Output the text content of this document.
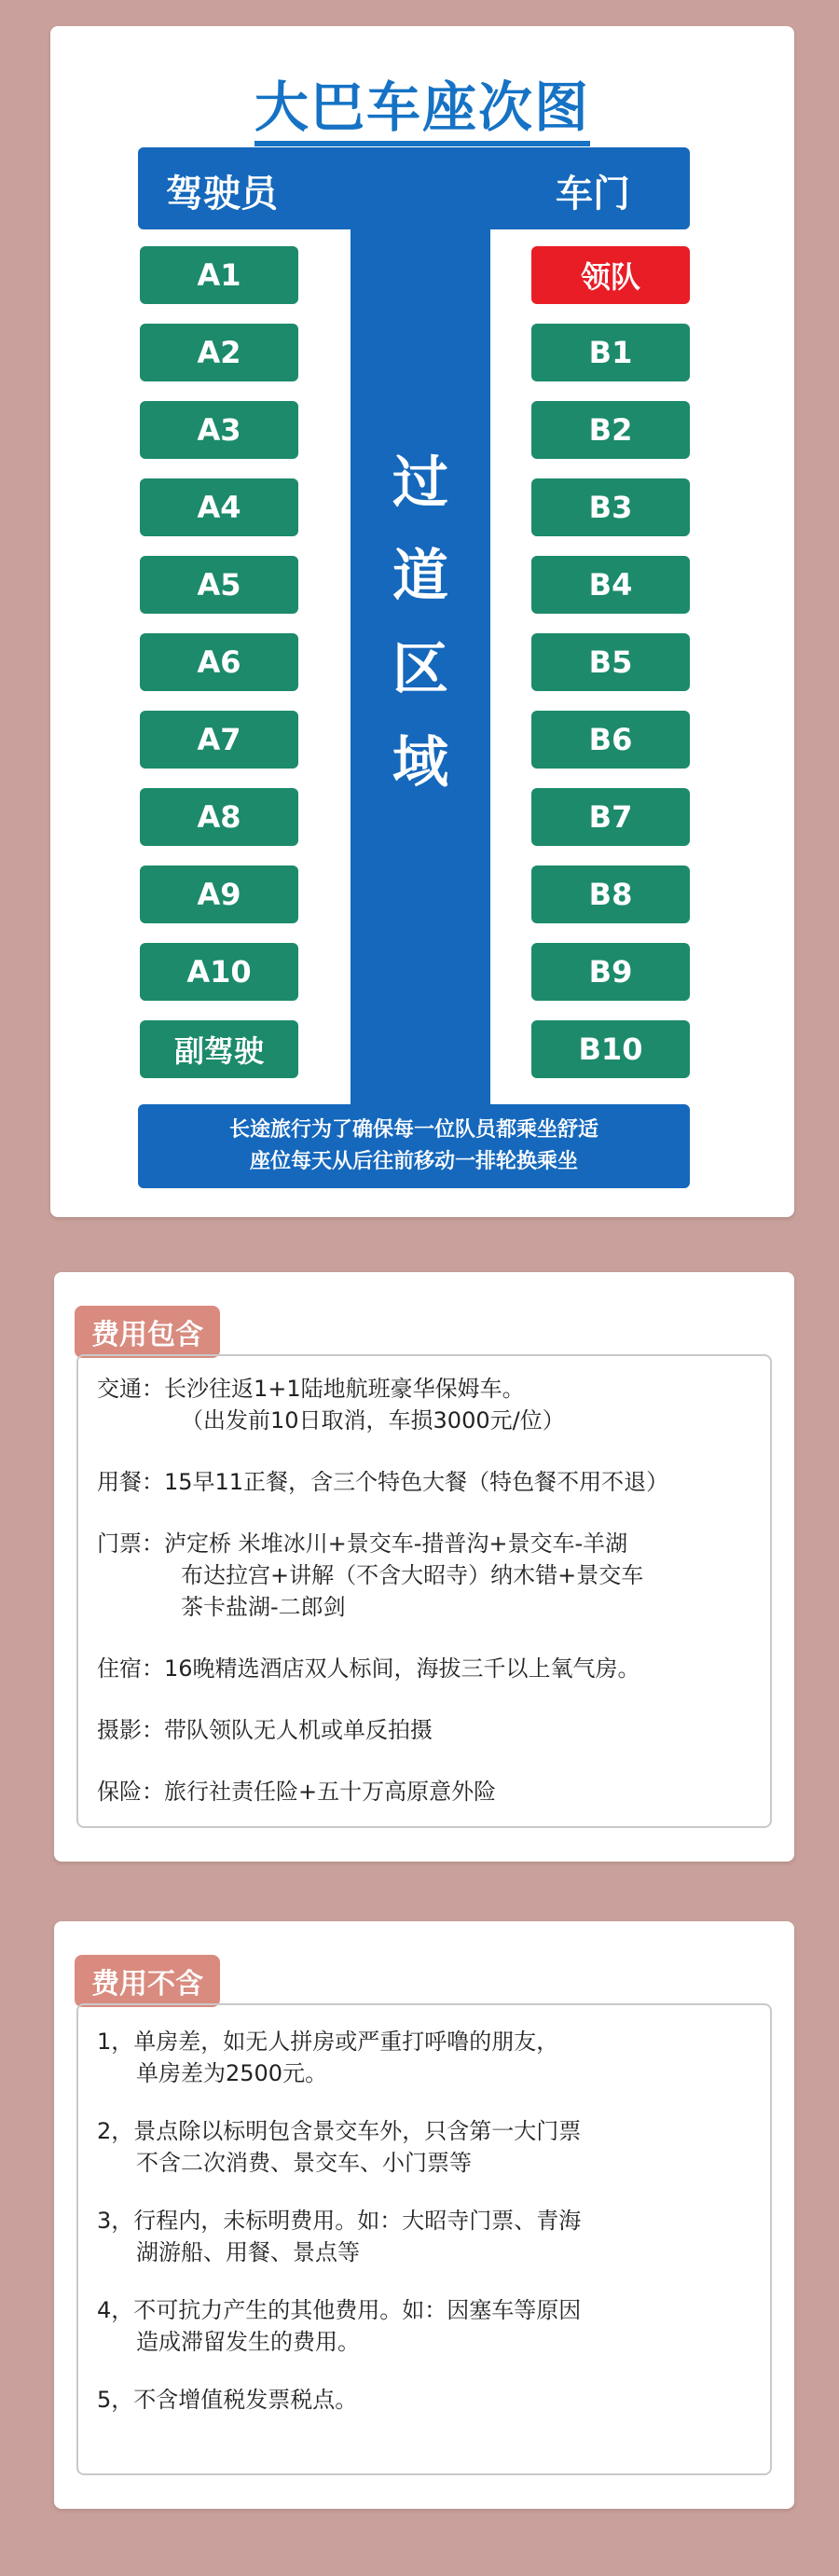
大巴车座次图
过
道
区
域
驾驶员	车门
A1
A2
A3
A4
A5
A6
A7
A8
A9
A10
副驾驶
领队
B1
B2
B3
B4
B5
B6
B7
B8
B9
B10
长途旅行为了确保每一位队员都乘坐舒适
座位每天从后往前移动一排轮换乘坐
费用包含
交通：长沙往返1+1陆地航班豪华保姆车。
（出发前10日取消，车损3000元/位）
用餐：15早11正餐，含三个特色大餐（特色餐不用不退）
门票：泸定桥 米堆冰川+景交车-措普沟+景交车-羊湖
布达拉宫+讲解（不含大昭寺）纳木错+景交车
茶卡盐湖-二郎剑
住宿：16晚精选酒店双人标间，海拔三千以上氧气房。
摄影：带队领队无人机或单反拍摄
保险：旅行社责任险+五十万高原意外险
费用不含
1，单房差，如无人拼房或严重打呼噜的朋友，
单房差为2500元。
2，景点除以标明包含景交车外，只含第一大门票
不含二次消费、景交车、小门票等
3，行程内，未标明费用。如：大昭寺门票、青海
湖游船、用餐、景点等
4，不可抗力产生的其他费用。如：因塞车等原因
造成滞留发生的费用。
5，不含增值税发票税点。
